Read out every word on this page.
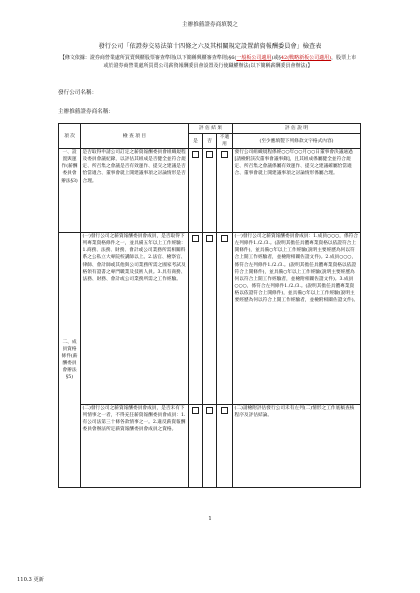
主辦推薦證券商填製之
發行公司「依證券交易法第十四條之六及其相關規定設置薪資報酬委員會」檢查表
【條文依據：證券商營業處所買賣興櫃股票審查準則(以下簡稱興櫃審查準則)§6(一般板公司適用)或§42(戰略新板公司適用)，股票上市或於證券商營業處所買賣公司薪資報酬委員會設置及行使職權辦法(以下簡稱薪酬委員會辦法)】
發行公司名稱：
主辦推薦證券商名稱：
項 次	檢 查 項 目	評 估 結 果			評 估 說 明
		是	否	不適用	(至少應填製下列條款文字格式內容)
一、設置與運作(薪酬委員會辦法§3)	是否取得申請公司訂定之薪資報酬委員會組織規程及委員會議紀錄，以評估其組成是否健全並符合規定、所召集之會議是否有效運作、提交之建議是否恰當適合、董事會就上開建議事項之討論情形是否合理。				發行公司組織規程係經○○年○○月○○日董事會決議通過[請檢附該次董事會議事錄]，且其組成係屬健全並符合規定、所召集之會議係屬有效運作、提交之建議確屬恰當適合、董事會就上開建議事項之討論情形係屬合理。
二、成員資格條件(薪酬委員會辦法§5)	(一)發行公司之薪資報酬委員會成員，是否取得下列專業資格條件之一，並具備五年以上工作經驗：1.商務、法務、財務、會計或公司業務所需相關料系之公私立大專院校講師以上。2.法官、檢察官、律師、會計師或其他與公司業務所需之國家考試及格領有證書之專門職業及技術人員。3.具有商務、法務、財務、會計或公司業務所需之工作經驗。				(一)發行公司之薪資報酬委員會成員：1.成員○○○，係符合左列條件1./2./3.。(說明其擔任具體專業資格以依證符合上開條件)，並具備○年以上工作經驗(說明主要經歷為何以符合上開工作經驗者，並檢附相關佐證文件)。2.成員○○○，係符合左列條件1./2./3.。(說明其擔任具體專業資格以依證符合上開條件)，並具備○年以上工作經驗(說明主要經歷為何以符合上開工作經驗者，並檢附相關佐證文件)。3.成員○○○，係符合左列條件1./2./3.。(說明其擔任具體專業資格以依證符合上開條件)，並具備○年以上工作經驗(說明主要經歷為何以符合上開工作經驗者，並檢附相關佐證文件)。
	(二)發行公司之薪資報酬委員會成員，是否未有下列情事之一者，不得充任薪資報酬委員會成員：1.有公司法第三十條各款情事之一。2.違反薪資報酬委員會辦法所定薪資報酬委員會成員之資格。				(二)請檢附評估發行公司未有左列(二)情形之工作底稿查核程序及評估結論。
1
110.3 更新
